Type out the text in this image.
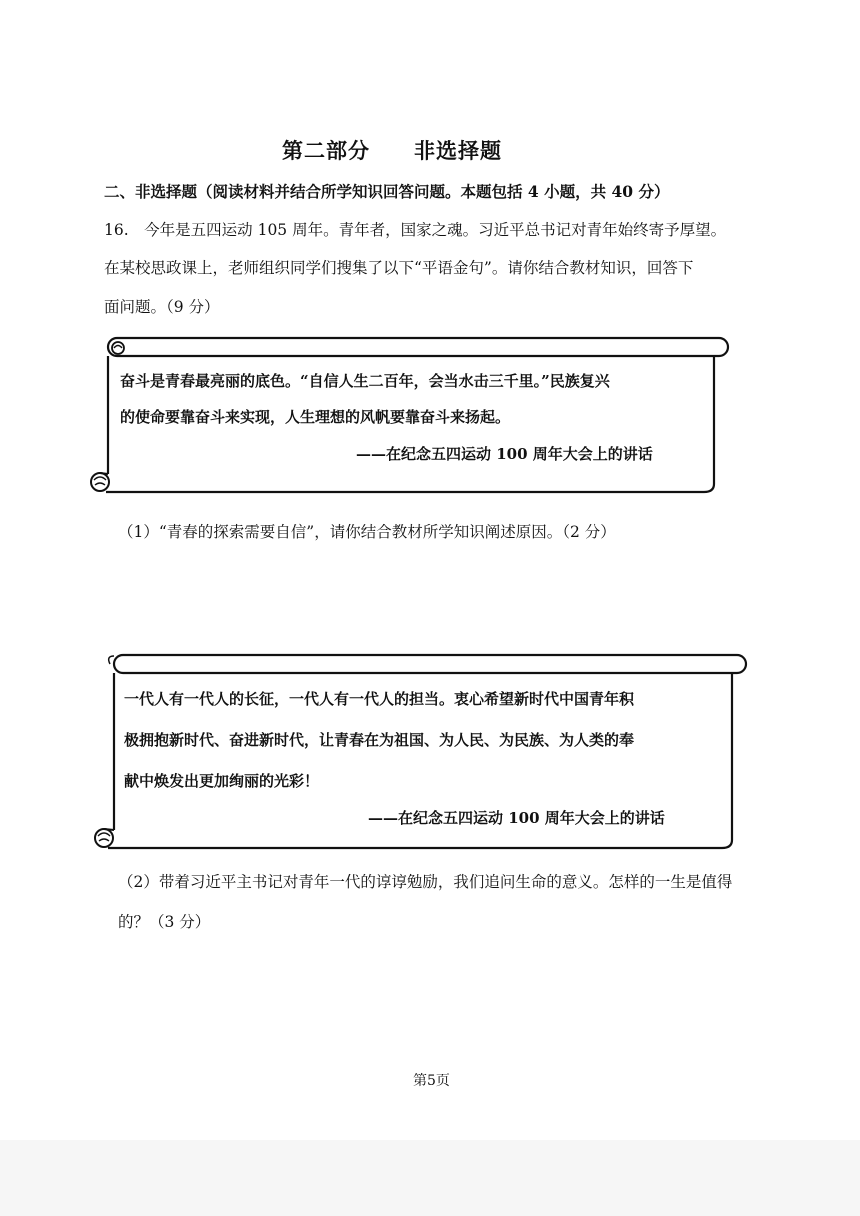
第二部分　　非选择题
二、非选择题（阅读材料并结合所学知识回答问题。本题包括 4 小题，共 40 分）
16.　今年是五四运动 105 周年。青年者，国家之魂。习近平总书记对青年始终寄予厚望。
在某校思政课上，老师组织同学们搜集了以下“平语金句”。请你结合教材知识，回答下
面问题。（9 分）
奋斗是青春最亮丽的底色。“自信人生二百年，会当水击三千里。”民族复兴
的使命要靠奋斗来实现，人生理想的风帆要靠奋斗来扬起。
——在纪念五四运动 100 周年大会上的讲话
（1）“青春的探索需要自信”，请你结合教材所学知识阐述原因。（2 分）
一代人有一代人的长征，一代人有一代人的担当。衷心希望新时代中国青年积
极拥抱新时代、奋进新时代，让青春在为祖国、为人民、为民族、为人类的奉
献中焕发出更加绚丽的光彩！
——在纪念五四运动 100 周年大会上的讲话
（2）带着习近平主书记对青年一代的谆谆勉励，我们追问生命的意义。怎样的一生是值得
的？（3 分）
第5页
